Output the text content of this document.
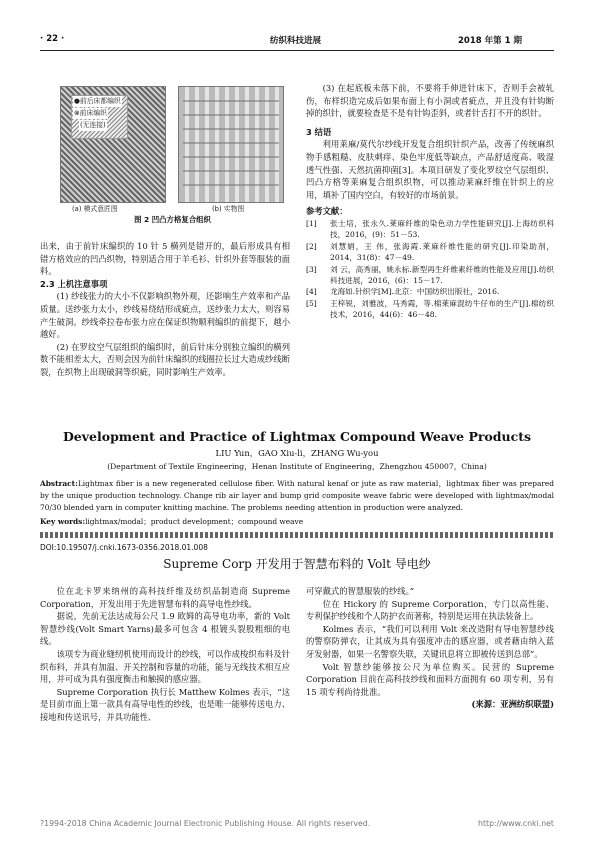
· 22 ·	纺织科技进展	2018 年第 1 期
●前后床都编织
⊗前床编织
(无连接)
(a) 模式意匠图	(b) 实物图
图 2 凹凸方格复合组织

出来，由于前针床编织的 10 针 5 横列是错开的，最后形成具有相错方格效应的凹凸织物，特别适合用于羊毛衫、针织外套等服装的面料。

2.3 上机注意事项

(1) 纱线张力的大小不仅影响织物外观，还影响生产效率和产品质量。送纱张力太小，纱线易绕结形成疵点，送纱张力太大，则容易产生破洞。纱线牵拉卷布张力应在保证织物顺利编织的前提下，越小越好。

(2) 在罗纹空气层组织的编织时，前后针床分别独立编织的横列数不能相差太大，否则会因为前针床编织的线圈拉长过大造成纱线断裂，在织物上出现破洞等织疵，同时影响生产效率。

(3) 在起底板未落下前，不要将手伸进针床下，否则手会被轧伤，布样织造完成后如果布面上有小洞或者疵点，并且没有针钩断掉的织针，就要检查是不是有针钩歪斜，或者针舌打不开的织针。

3 结语

利用莱麻/莫代尔纱线开发复合组织针织产品，改善了传统麻织物手感粗糙、皮肤刺痒、染色牢度低等缺点，产品舒适度高、吸湿透气性强、天然抗菌抑菌[3]。本项目研发了变化罗纹空气层组织、凹凸方格等莱麻复合组织织物，可以推动莱麻纤维在针织上的应用，填补了国内空白，有较好的市场前景。

参考文献：

[1] 张士培，张永久.莱麻纤维的染色动力学性能研究[J].上海纺织科技，2016，(9)：51－53.
[2] 刘慧娟，王 伟，张海霞.莱麻纤维性能的研究[J].印染助剂，2014，31(8)：47－49.
[3] 刘 云，高秀丽，姚永标.新型再生纤维素纤维的性能及应用[J].纺织科技进展，2016，(6)：15－17.
[4] 龙海如.针织学[M].北京：中国纺织出版社，2016.
[5] 王梓锐，刘雅波，马秀霞，等.棉莱麻混纺牛仔布的生产[J].棉纺织技术，2016，44(6)：46－48.
Development and Practice of Lightmax Compound Weave Products
LIU Yun，GAO Xiu-li，ZHANG Wu-you
(Department of Textile Engineering，Henan Institute of Engineering，Zhengzhou 450007，China)
Abstract:Lightmax fiber is a new regenerated cellulose fiber. With natural kenaf or jute as raw material，lightmax fiber was prepared by the unique production technology. Change rib air layer and bump grid composite weave fabric were developed with lightmax/modal 70/30 blended yarn in computer knitting machine. The problems needing attention in production were analyzed.
Key words:lightmax/modal；product development；compound weave
DOI:10.19507/j.cnki.1673-0356.2018.01.008
Supreme Corp 开发用于智慧布料的 Volt 导电纱

位在北卡罗来纳州的高科技纤维及纺织品制造商 Supreme Corporation，开发出用于先进智慧布料的高导电性纱线。

据说，先前无法达成每公尺 1.9 欧姆的高导电功率，新的 Volt 智慧纱线(Volt Smart Yarns)最多可包含 4 根镀头裂股粗细的电线。

该项专为商业缝纫机使用而设计的纱线，可以作成梭织布料及针织布料，并具有加温、开关控制和容量的功能，能与无线技术相互应用，并可成为具有强度衡击和触摸的感应器。

Supreme Corporation 执行长 Matthew Kolmes 表示，“这是目前市面上第一款具有高导电性的纱线，也是唯一能够传送电力、接地和传送讯号，并具功能性、

可穿戴式的智慧服装的纱线。”

位在 Hickory 的 Supreme Corporation，专门以高性能、专利保护纱线和个人防护衣而著称，特别是运用在执法装备上。

Kolmes 表示，“我们可以利用 Volt 来改造附有导电智慧纱线的警察防弹衣，让其成为具有强度冲击的感应器，或者藉由纳入蓝牙发射器，如果一名警察失联，关键讯息将立即被传送到总部”。

Volt 智慧纱能够按公尺为单位购买。民营的 Supreme Corporation 目前在高科技纱线和面料方面拥有 60 项专利，另有 15 项专利尚待批准。

(来源：亚洲纺织联盟)

?1994-2018 China Academic Journal Electronic Publishing House. All rights reserved.	http://www.cnki.net
